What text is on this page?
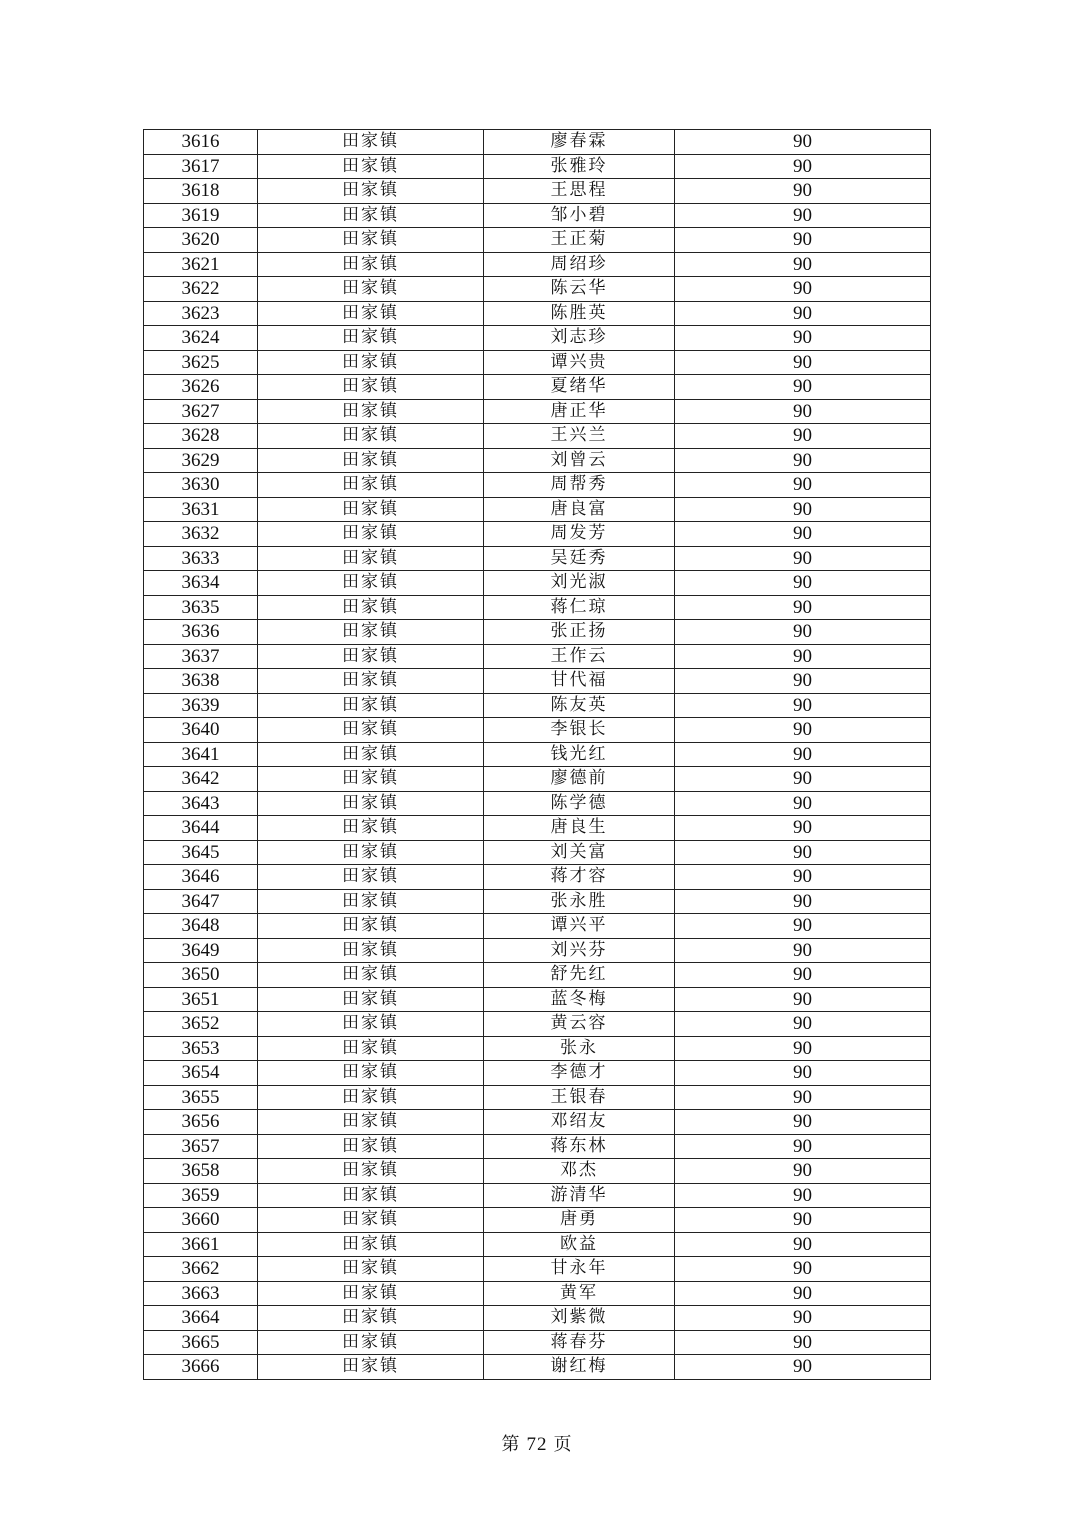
3616	田家镇	廖春霖	90
3617	田家镇	张雅玲	90
3618	田家镇	王思程	90
3619	田家镇	邹小碧	90
3620	田家镇	王正菊	90
3621	田家镇	周绍珍	90
3622	田家镇	陈云华	90
3623	田家镇	陈胜英	90
3624	田家镇	刘志珍	90
3625	田家镇	谭兴贵	90
3626	田家镇	夏绪华	90
3627	田家镇	唐正华	90
3628	田家镇	王兴兰	90
3629	田家镇	刘曾云	90
3630	田家镇	周帮秀	90
3631	田家镇	唐良富	90
3632	田家镇	周发芳	90
3633	田家镇	吴廷秀	90
3634	田家镇	刘光淑	90
3635	田家镇	蒋仁琼	90
3636	田家镇	张正扬	90
3637	田家镇	王作云	90
3638	田家镇	甘代福	90
3639	田家镇	陈友英	90
3640	田家镇	李银长	90
3641	田家镇	钱光红	90
3642	田家镇	廖德前	90
3643	田家镇	陈学德	90
3644	田家镇	唐良生	90
3645	田家镇	刘关富	90
3646	田家镇	蒋才容	90
3647	田家镇	张永胜	90
3648	田家镇	谭兴平	90
3649	田家镇	刘兴芬	90
3650	田家镇	舒先红	90
3651	田家镇	蓝冬梅	90
3652	田家镇	黄云容	90
3653	田家镇	张永	90
3654	田家镇	李德才	90
3655	田家镇	王银春	90
3656	田家镇	邓绍友	90
3657	田家镇	蒋东林	90
3658	田家镇	邓杰	90
3659	田家镇	游清华	90
3660	田家镇	唐勇	90
3661	田家镇	欧益	90
3662	田家镇	甘永年	90
3663	田家镇	黄军	90
3664	田家镇	刘紫微	90
3665	田家镇	蒋春芬	90
3666	田家镇	谢红梅	90
第 72 页
